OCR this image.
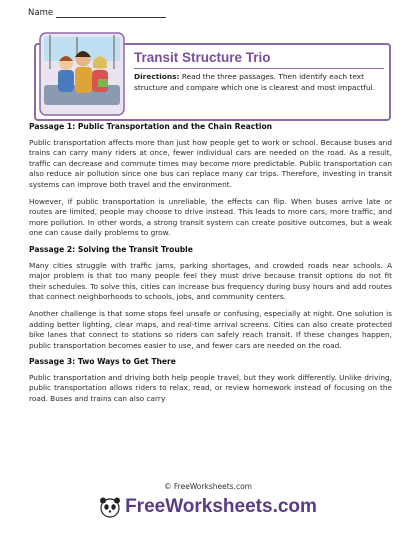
Name
Transit Structure Trio
Directions: Read the three passages. Then identify each text structure and compare which one is clearest and most impactful.
Passage 1: Public Transportation and the Chain Reaction

Public transportation affects more than just how people get to work or school. Because buses and trains can carry many riders at once, fewer individual cars are needed on the road. As a result, traffic can decrease and commute times may become more predictable. Public transportation can also reduce air pollution since one bus can replace many car trips. Therefore, investing in transit systems can improve both travel and the environment.

However, if public transportation is unreliable, the effects can flip. When buses arrive late or routes are limited, people may choose to drive instead. This leads to more cars, more traffic, and more pollution. In other words, a strong transit system can create positive outcomes, but a weak one can cause daily problems to grow.

Passage 2: Solving the Transit Trouble

Many cities struggle with traffic jams, parking shortages, and crowded roads near schools. A major problem is that too many people feel they must drive because transit options do not fit their schedules. To solve this, cities can increase bus frequency during busy hours and add routes that connect neighborhoods to schools, jobs, and community centers.

Another challenge is that some stops feel unsafe or confusing, especially at night. One solution is adding better lighting, clear maps, and real-time arrival screens. Cities can also create protected bike lanes that connect to stations so riders can safely reach transit. If these changes happen, public transportation becomes easier to use, and fewer cars are needed on the road.

Passage 3: Two Ways to Get There

Public transportation and driving both help people travel, but they work differently. Unlike driving, public transportation allows riders to relax, read, or review homework instead of focusing on the road. Buses and trains can also carry

© FreeWorksheets.com
FreeWorksheets.com
